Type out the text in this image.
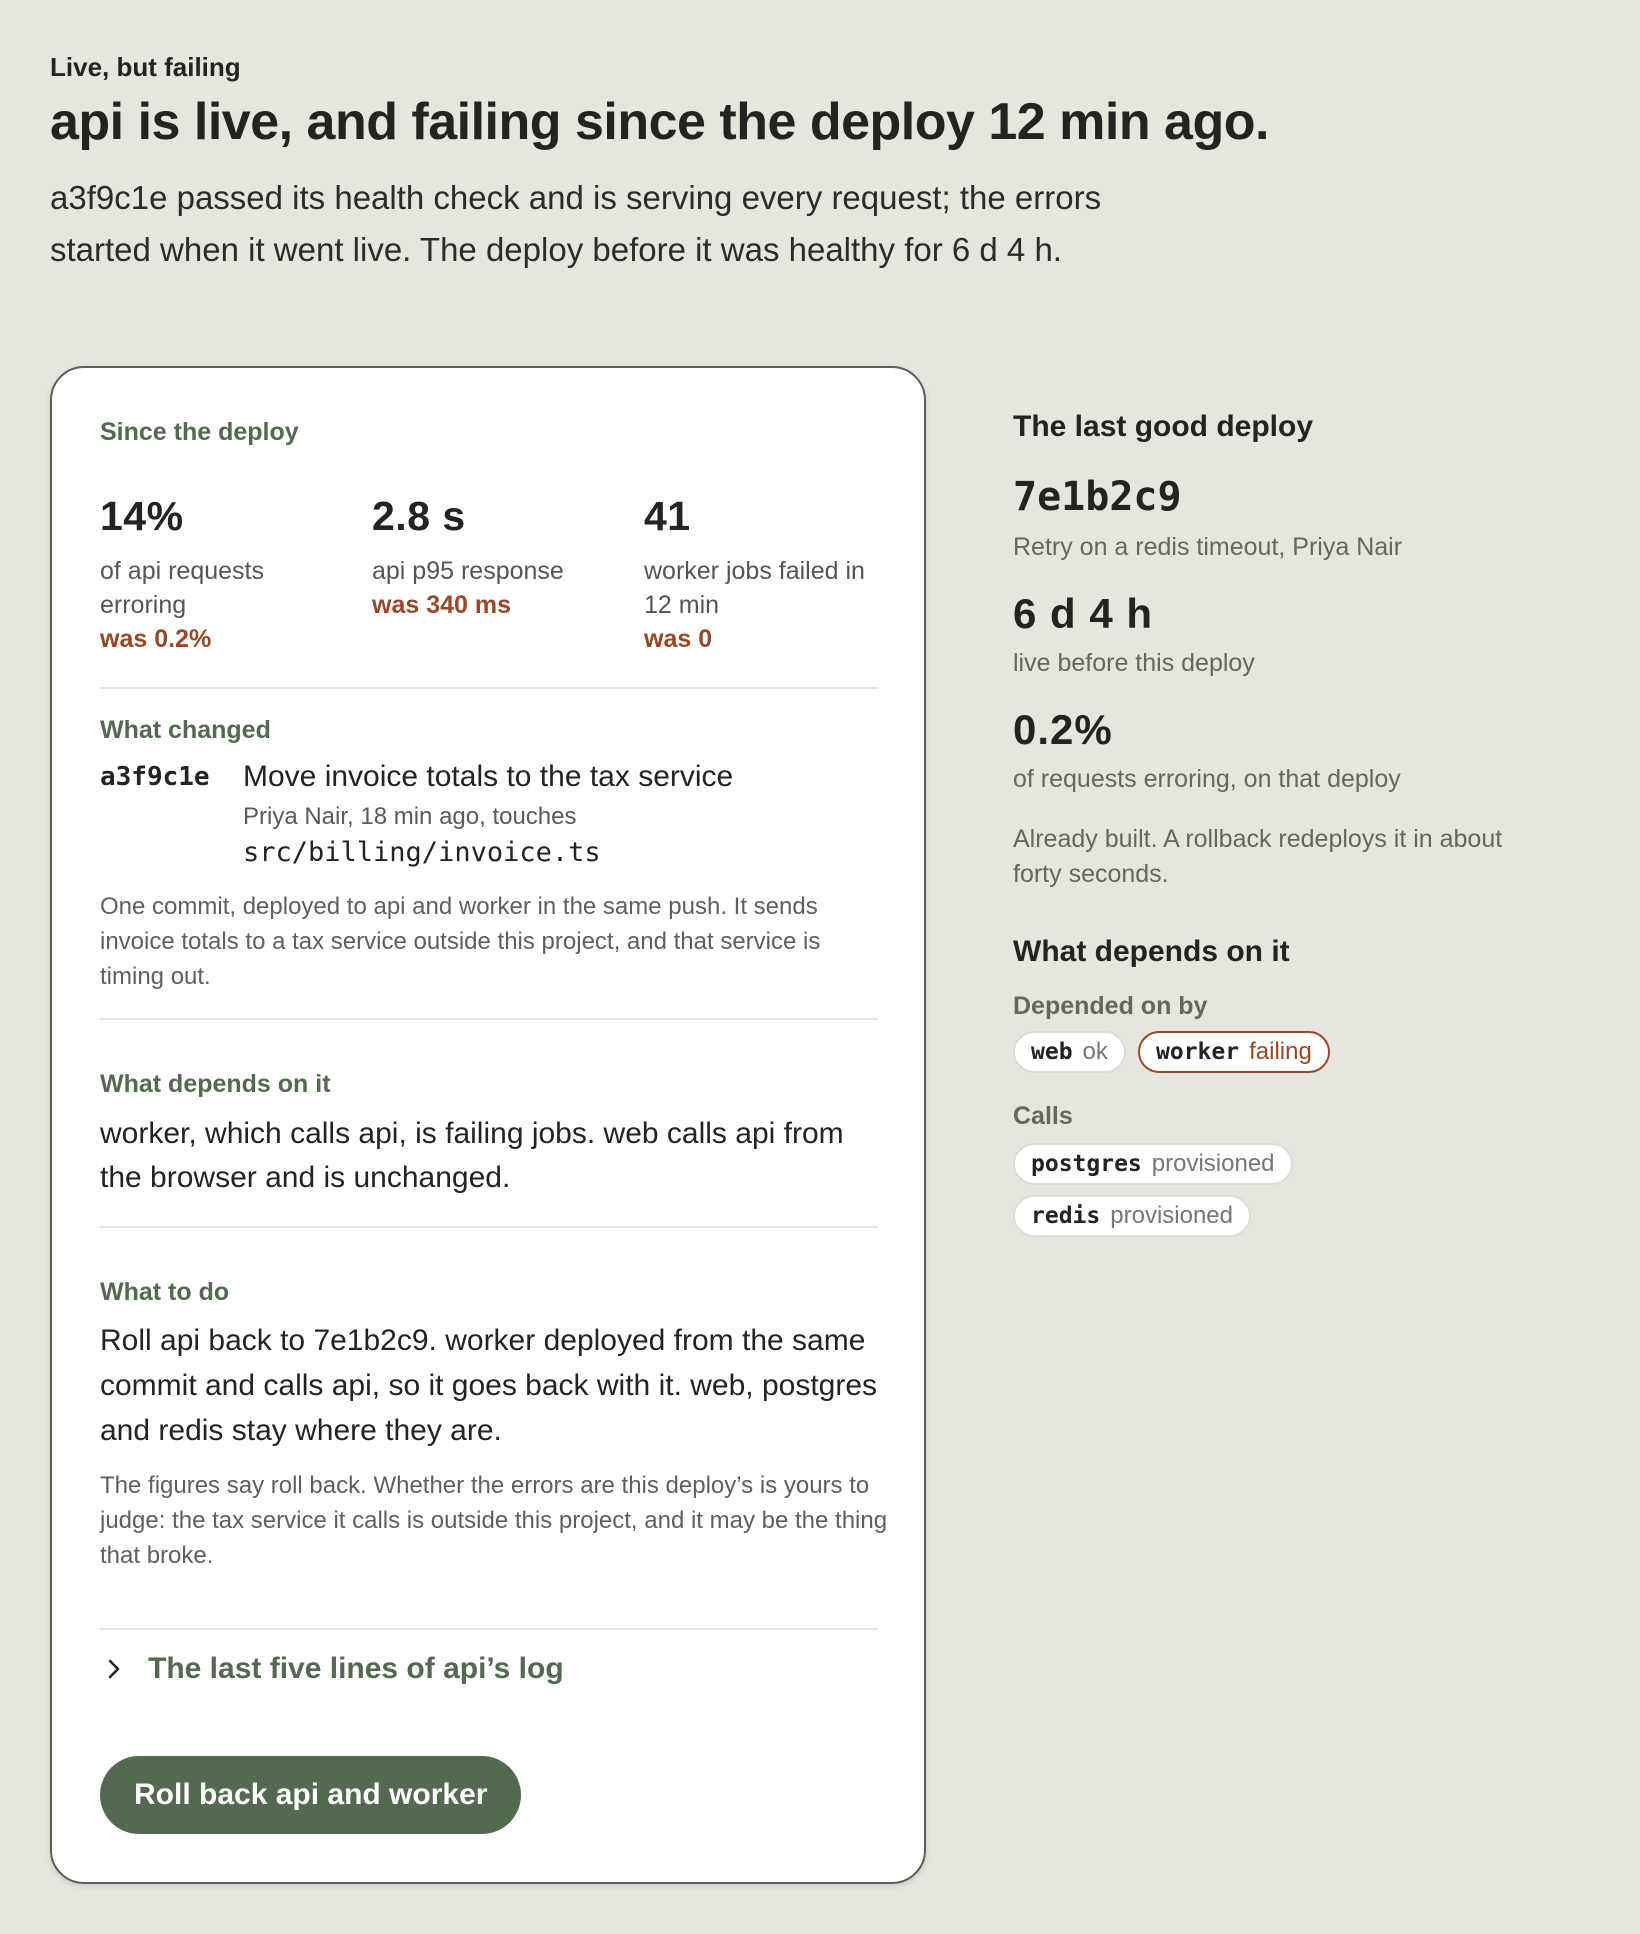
Live, but failing
api is live, and failing since the deploy 12 min ago.

a3f9c1e passed its health check and is serving every request; the errors started when it went live. The deploy before it was healthy for 6 d 4 h.

Since the deploy
14%
of api requests erroring
was 0.2%
2.8 s
api p95 response
was 340 ms
41
worker jobs failed in 12 min
was 0
What changed
a3f9c1e Move invoice totals to the tax service
Priya Nair, 18 min ago, touches
src/billing/invoice.ts

One commit, deployed to api and worker in the same push. It sends invoice totals to a tax service outside this project, and that service is timing out.

What depends on it

worker, which calls api, is failing jobs. web calls api from the browser and is unchanged.

What to do

Roll api back to 7e1b2c9. worker deployed from the same commit and calls api, so it goes back with it. web, postgres and redis stay where they are.

The figures say roll back. Whether the errors are this deploy’s is yours to judge: the tax service it calls is outside this project, and it may be the thing that broke.

The last five lines of api’s log
Roll back api and worker
The last good deploy
7e1b2c9
Retry on a redis timeout, Priya Nair
6 d 4 h
live before this deploy
0.2%
of requests erroring, on that deploy

Already built. A rollback redeploys it in about forty seconds.

What depends on it
Depended on by
web ok worker failing
Calls
postgres provisioned
redis provisioned
